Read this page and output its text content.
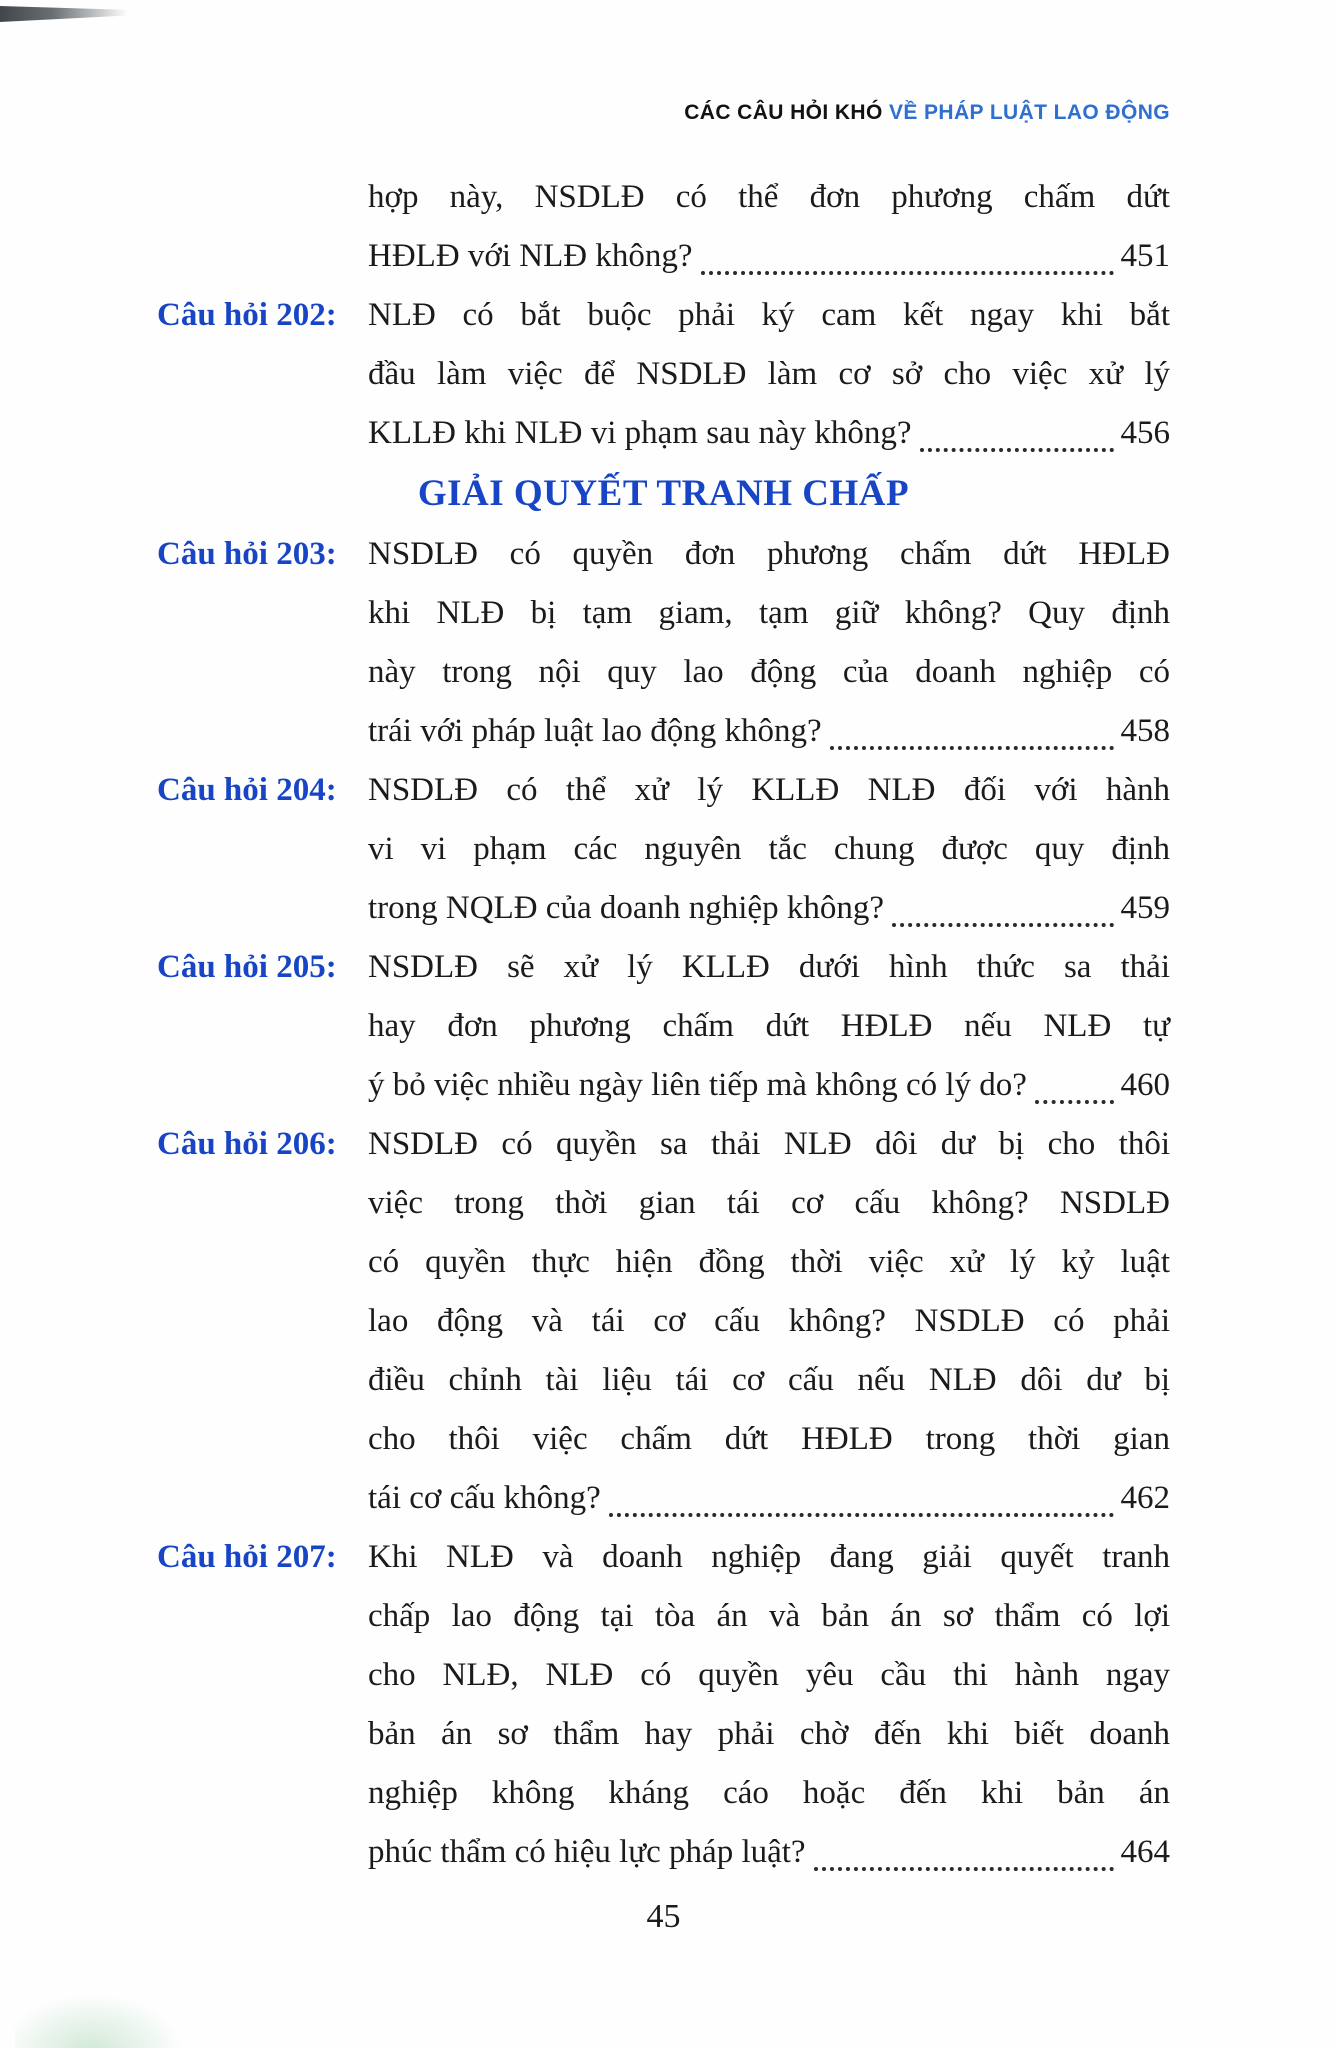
CÁC CÂU HỎI KHÓ VỀ PHÁP LUẬT LAO ĐỘNG
hợp này, NSDLĐ có thể đơn phương chấm dứt
HĐLĐ với NLĐ không?	451
Câu hỏi 202: NLĐ có bắt buộc phải ký cam kết ngay khi bắt
đầu làm việc để NSDLĐ làm cơ sở cho việc xử lý
KLLĐ khi NLĐ vi phạm sau này không?	456
GIẢI QUYẾT TRANH CHẤP
Câu hỏi 203: NSDLĐ có quyền đơn phương chấm dứt HĐLĐ
khi NLĐ bị tạm giam, tạm giữ không? Quy định
này trong nội quy lao động của doanh nghiệp có
trái với pháp luật lao động không?	458
Câu hỏi 204: NSDLĐ có thể xử lý KLLĐ NLĐ đối với hành
vi vi phạm các nguyên tắc chung được quy định
trong NQLĐ của doanh nghiệp không?	459
Câu hỏi 205: NSDLĐ sẽ xử lý KLLĐ dưới hình thức sa thải
hay đơn phương chấm dứt HĐLĐ nếu NLĐ tự
ý bỏ việc nhiều ngày liên tiếp mà không có lý do?	460
Câu hỏi 206: NSDLĐ có quyền sa thải NLĐ dôi dư bị cho thôi
việc trong thời gian tái cơ cấu không? NSDLĐ
có quyền thực hiện đồng thời việc xử lý kỷ luật
lao động và tái cơ cấu không? NSDLĐ có phải
điều chỉnh tài liệu tái cơ cấu nếu NLĐ dôi dư bị
cho thôi việc chấm dứt HĐLĐ trong thời gian
tái cơ cấu không?	462
Câu hỏi 207: Khi NLĐ và doanh nghiệp đang giải quyết tranh
chấp lao động tại tòa án và bản án sơ thẩm có lợi
cho NLĐ, NLĐ có quyền yêu cầu thi hành ngay
bản án sơ thẩm hay phải chờ đến khi biết doanh
nghiệp không kháng cáo hoặc đến khi bản án
phúc thẩm có hiệu lực pháp luật?	464
45
